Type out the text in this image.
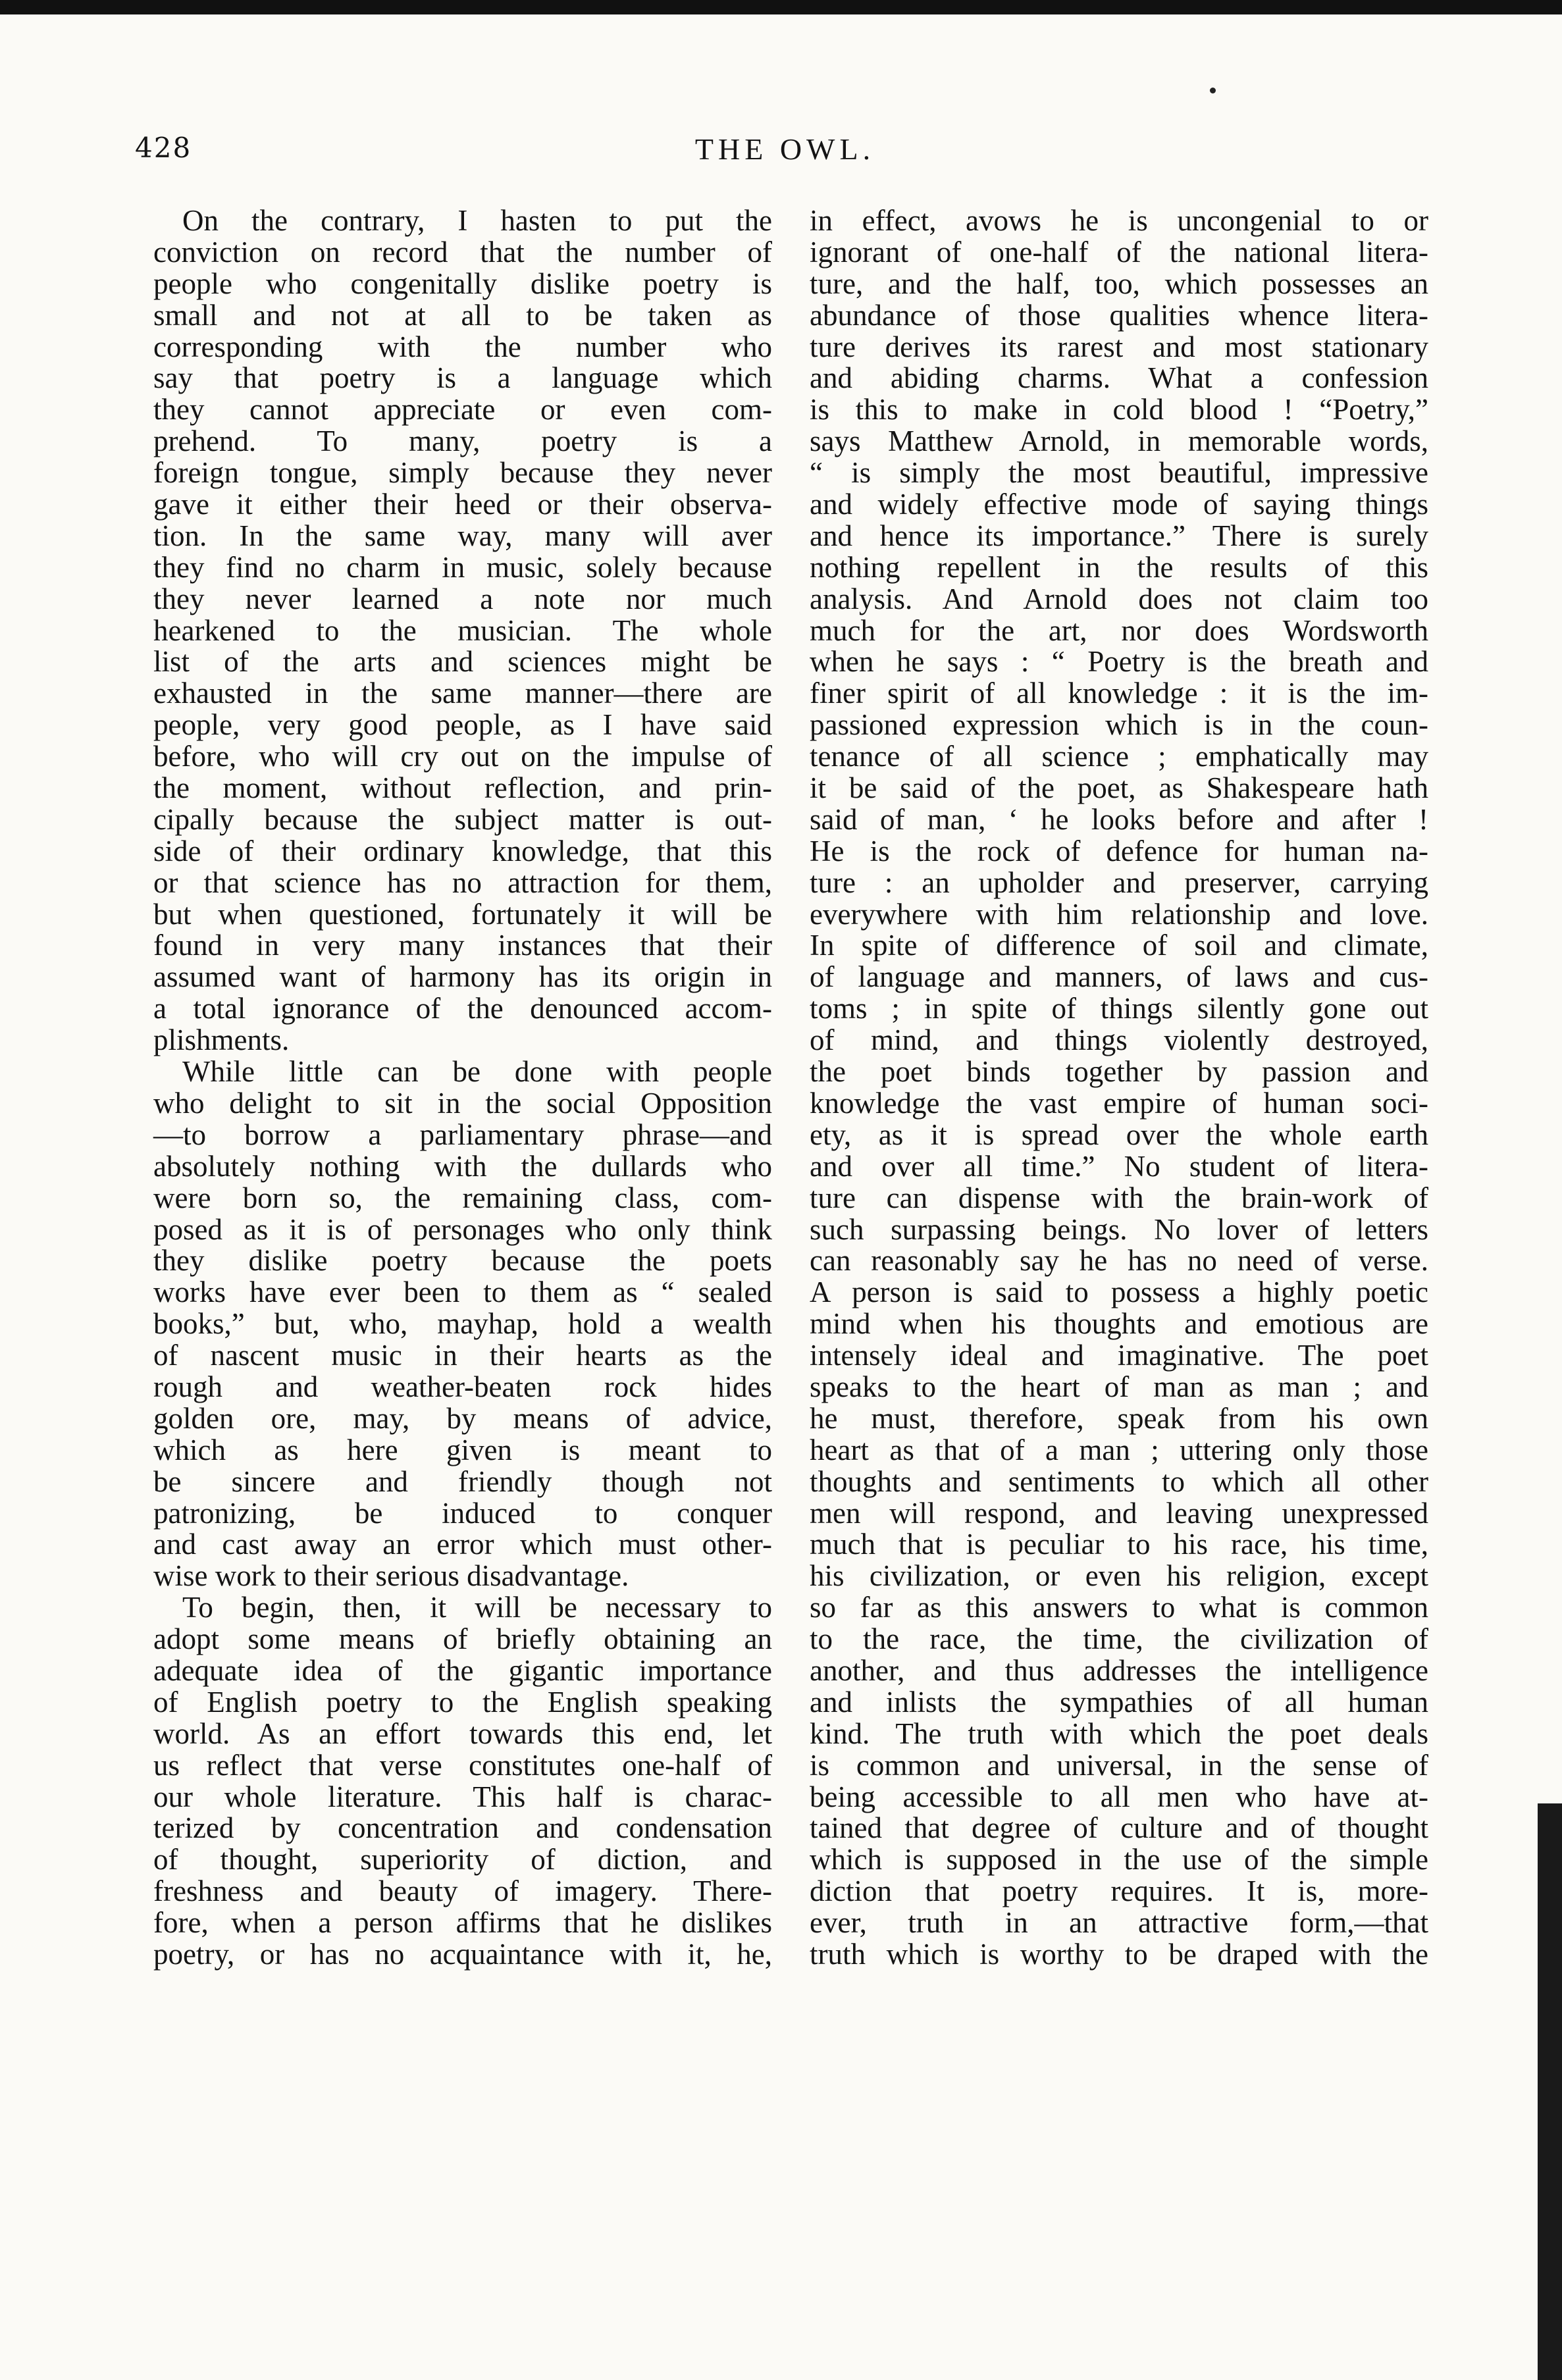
428	THE OWL.
On the contrary, I hasten to put the
conviction on record that the number of
people who congenitally dislike poetry is
small and not at all to be taken as
corresponding with the number who
say that poetry is a language which
they cannot appreciate or even com-
prehend. To many, poetry is a
foreign tongue, simply because they never
gave it either their heed or their observa-
tion. In the same way, many will aver
they find no charm in music, solely because
they never learned a note nor much
hearkened to the musician. The whole
list of the arts and sciences might be
exhausted in the same manner—there are
people, very good people, as I have said
before, who will cry out on the impulse of
the moment, without reflection, and prin-
cipally because the subject matter is out-
side of their ordinary knowledge, that this
or that science has no attraction for them,
but when questioned, fortunately it will be
found in very many instances that their
assumed want of harmony has its origin in
a total ignorance of the denounced accom-
plishments.
While little can be done with people
who delight to sit in the social Opposition
—to borrow a parliamentary phrase—and
absolutely nothing with the dullards who
were born so, the remaining class, com-
posed as it is of personages who only think
they dislike poetry because the poets
works have ever been to them as “ sealed
books,” but, who, mayhap, hold a wealth
of nascent music in their hearts as the
rough and weather-beaten rock hides
golden ore, may, by means of advice,
which as here given is meant to
be sincere and friendly though not
patronizing, be induced to conquer
and cast away an error which must other-
wise work to their serious disadvantage.
To begin, then, it will be necessary to
adopt some means of briefly obtaining an
adequate idea of the gigantic importance
of English poetry to the English speaking
world. As an effort towards this end, let
us reflect that verse constitutes one-half of
our whole literature. This half is charac-
terized by concentration and condensation
of thought, superiority of diction, and
freshness and beauty of imagery. There-
fore, when a person affirms that he dislikes
poetry, or has no acquaintance with it, he,
in effect, avows he is uncongenial to or
ignorant of one-half of the national litera-
ture, and the half, too, which possesses an
abundance of those qualities whence litera-
ture derives its rarest and most stationary
and abiding charms. What a confession
is this to make in cold blood ! “Poetry,”
says Matthew Arnold, in memorable words,
“ is simply the most beautiful, impressive
and widely effective mode of saying things
and hence its importance.” There is surely
nothing repellent in the results of this
analysis. And Arnold does not claim too
much for the art, nor does Wordsworth
when he says : “ Poetry is the breath and
finer spirit of all knowledge : it is the im-
passioned expression which is in the coun-
tenance of all science ; emphatically may
it be said of the poet, as Shakespeare hath
said of man, ‘ he looks before and after !
He is the rock of defence for human na-
ture : an upholder and preserver, carrying
everywhere with him relationship and love.
In spite of difference of soil and climate,
of language and manners, of laws and cus-
toms ; in spite of things silently gone out
of mind, and things violently destroyed,
the poet binds together by passion and
knowledge the vast empire of human soci-
ety, as it is spread over the whole earth
and over all time.” No student of litera-
ture can dispense with the brain-work of
such surpassing beings. No lover of letters
can reasonably say he has no need of verse.
A person is said to possess a highly poetic
mind when his thoughts and emotious are
intensely ideal and imaginative. The poet
speaks to the heart of man as man ; and
he must, therefore, speak from his own
heart as that of a man ; uttering only those
thoughts and sentiments to which all other
men will respond, and leaving unexpressed
much that is peculiar to his race, his time,
his civilization, or even his religion, except
so far as this answers to what is common
to the race, the time, the civilization of
another, and thus addresses the intelligence
and inlists the sympathies of all human
kind. The truth with which the poet deals
is common and universal, in the sense of
being accessible to all men who have at-
tained that degree of culture and of thought
which is supposed in the use of the simple
diction that poetry requires. It is, more-
ever, truth in an attractive form,—that
truth which is worthy to be draped with the
